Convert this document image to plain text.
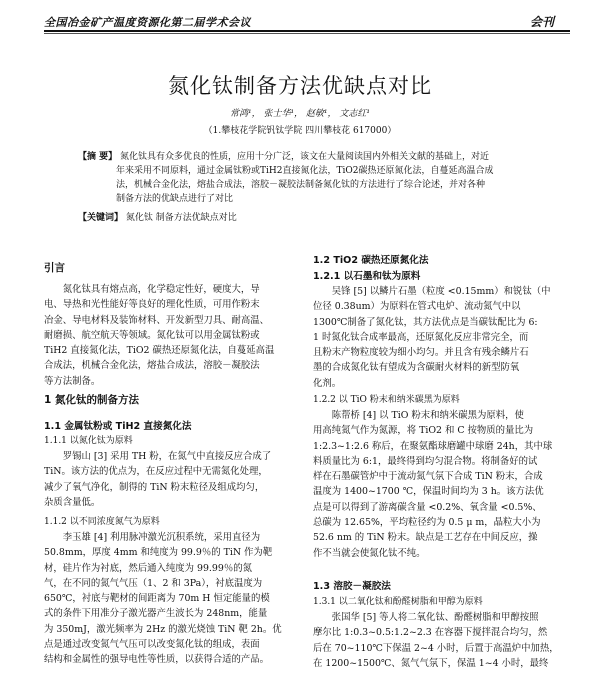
全国冶金矿产温度资源化第二届学术会议	会刊
氮化钛制备方法优缺点对比
常鸿¹， 张士华¹， 赵敏¹， 文志红¹
（1.攀枝花学院钒钛学院 四川攀枝花 617000）
【摘 要】 氮化钛具有众多优良的性质，应用十分广泛，该文在大量阅读国内外相关文献的基础上，对近
年来采用不同原料，通过金属钛粉或TiH2直接氮化法，TiO2碳热还原氮化法，自蔓延高温合成
法，机械合金化法，熔盐合成法，溶胶－凝胶法制备氮化钛的方法进行了综合论述，并对各种
制备方法的优缺点进行了对比
【关键词】 氮化钛 制备方法优缺点对比
引言
氮化钛具有熔点高，化学稳定性好，硬度大，导
电、导热和光性能好等良好的理化性质，可用作粉末
冶金、导电材料及装饰材料、开发新型刀具、耐高温、
耐磨损、航空航天等领域。氮化钛可以用金属钛粉或
TiH2 直接氮化法，TiO2 碳热还原氮化法，自蔓延高温
合成法，机械合金化法，熔盐合成法，溶胶－凝胶法
等方法制备。
1 氮化钛的制备方法
1.1 金属钛粉或 TiH2 直接氮化法
1.1.1 以氮化钛为原料
罗锡山 [3] 采用 TH 粉，在氮气中直接反应合成了
TiN。该方法的优点为，在反应过程中无需氮化处理，
减少了氧气净化，制得的 TiN 粉末粒径及组成均匀，
杂质含量低。
1.1.2 以不同浓度氮气为原料
李玉雄 [4] 利用脉冲激光沉积系统，采用直径为
50.8mm，厚度 4mm 和纯度为 99.9％的 TiN 作为靶
材，硅片作为衬底，然后通入纯度为 99.99％的氮
气，在不同的氮气气压（1、2 和 3Pa），衬底温度为
650℃，衬底与靶材的间距离为 70m H 恒定能量的模
式的条件下用准分子激光器产生波长为 248nm，能量
为 350mJ，激光频率为 2Hz 的激光烧蚀 TiN 靶 2h。优
点是通过改变氮气气压可以改变氮化钛的组成，表面
结构和金属性的强导电性等性质，以获得合适的产品。
1.2 TiO2 碳热还原氮化法
1.2.1 以石墨和钛为原料
吴锋 [5] 以鳞片石墨（粒度 <0.15mm）和锐钛（中
位径 0.38um）为原料在管式电炉、流动氮气中以
1300℃制备了氮化钛，其方法优点是当碳钛配比为 6:
1 时氮化钛合成率最高，还原氮化反应非常完全，而
且粉末产物粒度较为细小均匀。并且含有残余鳞片石
墨的合成氮化钛有望成为含碳耐火材料的新型防氧
化剂。
1.2.2 以 TiO 粉末和纳米碳黑为原料
陈帮桥 [4] 以 TiO 粉末和纳米碳黑为原料，使
用高纯氮气作为氮源，将 TiO2 和 C 按物质的量比为
1:2.3~1:2.6 称后，在聚氨酯球磨罐中球磨 24h，其中球
料质量比为 6:1，最终得到均匀混合物。将制备好的试
样在石墨碳管炉中于流动氮气氛下合成 TiN 粉末，合成
温度为 1400~1700 ℃，保温时间均为 3 h。该方法优
点是可以得到了游离碳含量 <0.2%、氧含量 <0.5%、
总碳为 12.65%，平均粒径约为 0.5 μ m，晶粒大小为
52.6 nm 的 TiN 粉末。缺点是工艺存在中间反应，操
作不当就会使氮化钛不纯。
1.3 溶胶－凝胶法
1.3.1 以二氧化钛和酚醛树脂和甲醇为原料
张国华 [5] 等人将二氧化钛、酚醛树脂和甲醇按照
摩尔比 1:0.3~0.5:1.2~2.3 在容器下搅拌混合均匀，然
后在 70~110℃下保温 2~4 小时，后置于高温炉中加热，
在 1200~1500℃、氮气气氛下，保温 1~4 小时，最终
